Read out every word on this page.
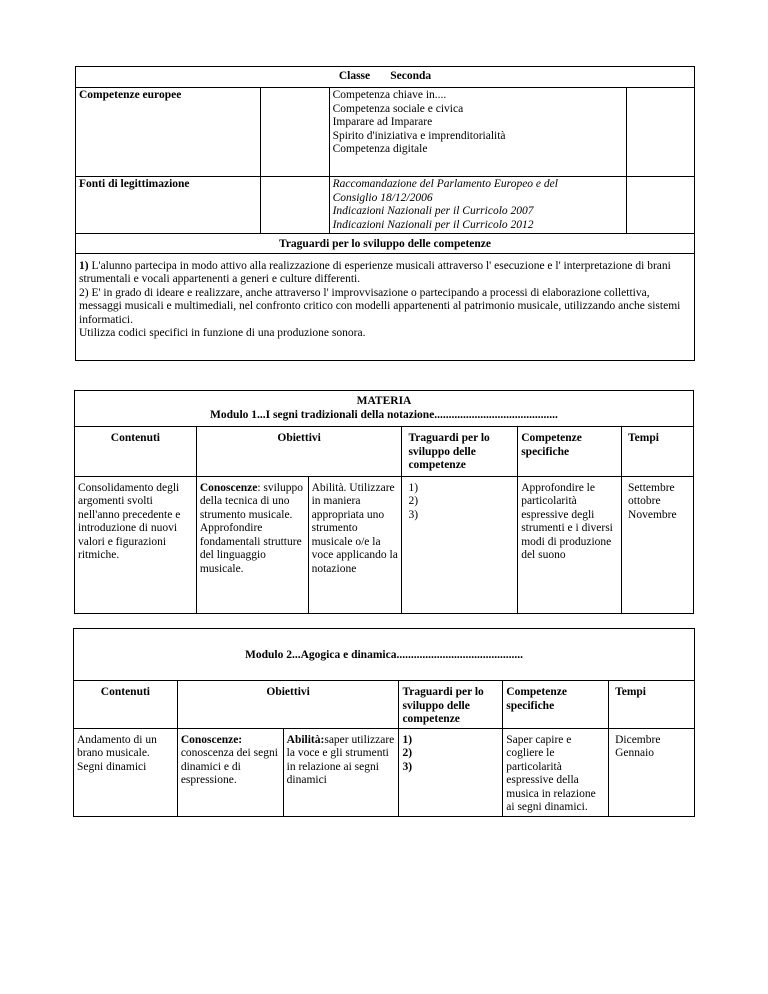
Classe Seconda			
Competenze europee		Competenza chiave in....
Competenza sociale e civica
Imparare ad Imparare
Spirito d'iniziativa e imprenditorialità
Competenza digitale	

Fonti di legittimazione		Raccomandazione del Parlamento Europeo e del
Consiglio 18/12/2006
Indicazioni Nazionali per il Curricolo 2007
Indicazioni Nazionali per il Curricolo 2012	

Traguardi per lo sviluppo delle competenze			

1) L'alunno partecipa in modo attivo alla realizzazione di esperienze musicali attraverso l' esecuzione e l' interpretazione di brani strumentali e vocali appartenenti a generi e culture differenti.

2) E' in grado di ideare e realizzare, anche attraverso l' improvvisazione o partecipando a processi di elaborazione collettiva, messaggi musicali e multimediali, nel confronto critico con modelli appartenenti al patrimonio musicale, utilizzando anche sistemi informatici.

Utilizza codici specifici in funzione di una produzione sonora.			

MATERIA
Modulo 1...I segni tradizionali della notazione...........................................					

Contenuti	Obiettivi		Traguardi per lo sviluppo delle competenze	Competenze specifiche	Tempi
Consolidamento degli argomenti svolti nell'anno precedente e introduzione di nuovi valori e figurazioni ritmiche.	Conoscenze: sviluppo della tecnica di uno strumento musicale. Approfondire fondamentali strutture del linguaggio musicale.	Abilità. Utilizzare in maniera appropriata uno strumento musicale o/e la voce applicando la notazione	1)
2)
3)	Approfondire le particolarità espressive degli strumenti e i diversi modi di produzione del suono	Settembre
ottobre
Novembre
Modulo 2...Agogica e dinamica............................................					
Contenuti	Obiettivi		Traguardi per lo sviluppo delle competenze	Competenze specifiche	Tempi
Andamento di un brano musicale. Segni dinamici	Conoscenze: conoscenza dei segni dinamici e di espressione.	Abilità:saper utilizzare la voce e gli strumenti in relazione ai segni dinamici	1)
2)
3)	Saper capire e cogliere le particolarità espressive della musica in relazione ai segni dinamici.	Dicembre
Gennaio
